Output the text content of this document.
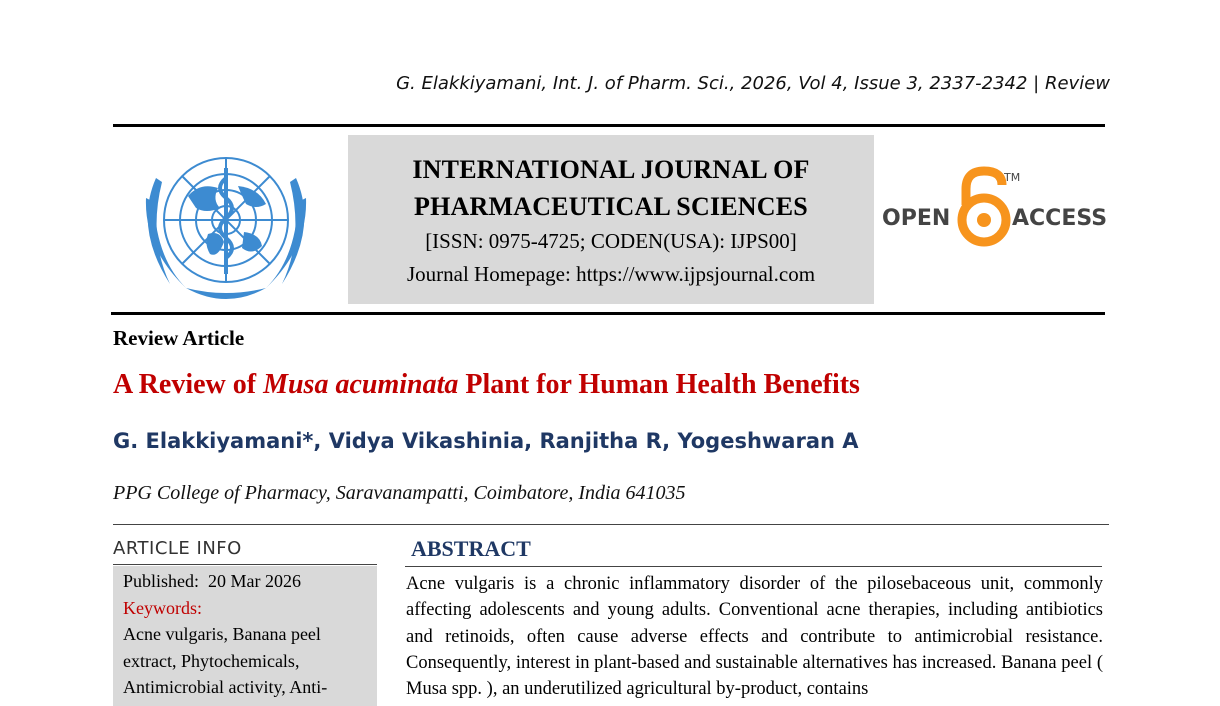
G. Elakkiyamani, Int. J. of Pharm. Sci., 2026, Vol 4, Issue 3, 2337-2342 | Review
INTERNATIONAL JOURNAL OF
PHARMACEUTICAL SCIENCES
[ISSN: 0975-4725; CODEN(USA): IJPS00]
Journal Homepage: https://www.ijpsjournal.com
OPEN	ACCESS
TM
Review Article
A Review of Musa acuminata Plant for Human Health Benefits
G. Elakkiyamani*, Vidya Vikashinia, Ranjitha R, Yogeshwaran A
PPG College of Pharmacy, Saravanampatti, Coimbatore, India 641035
ARTICLE INFO
Published: 20 Mar 2026
Keywords:
Acne vulgaris, Banana peel
extract, Phytochemicals,
Antimicrobial activity, Anti-
ABSTRACT
Acne vulgaris is a chronic inflammatory disorder of the pilosebaceous unit, commonly affecting adolescents and young adults. Conventional acne therapies, including antibiotics and retinoids, often cause adverse effects and contribute to antimicrobial resistance. Consequently, interest in plant-based and sustainable alternatives has increased. Banana peel ( Musa spp. ), an underutilized agricultural by-product, contains
